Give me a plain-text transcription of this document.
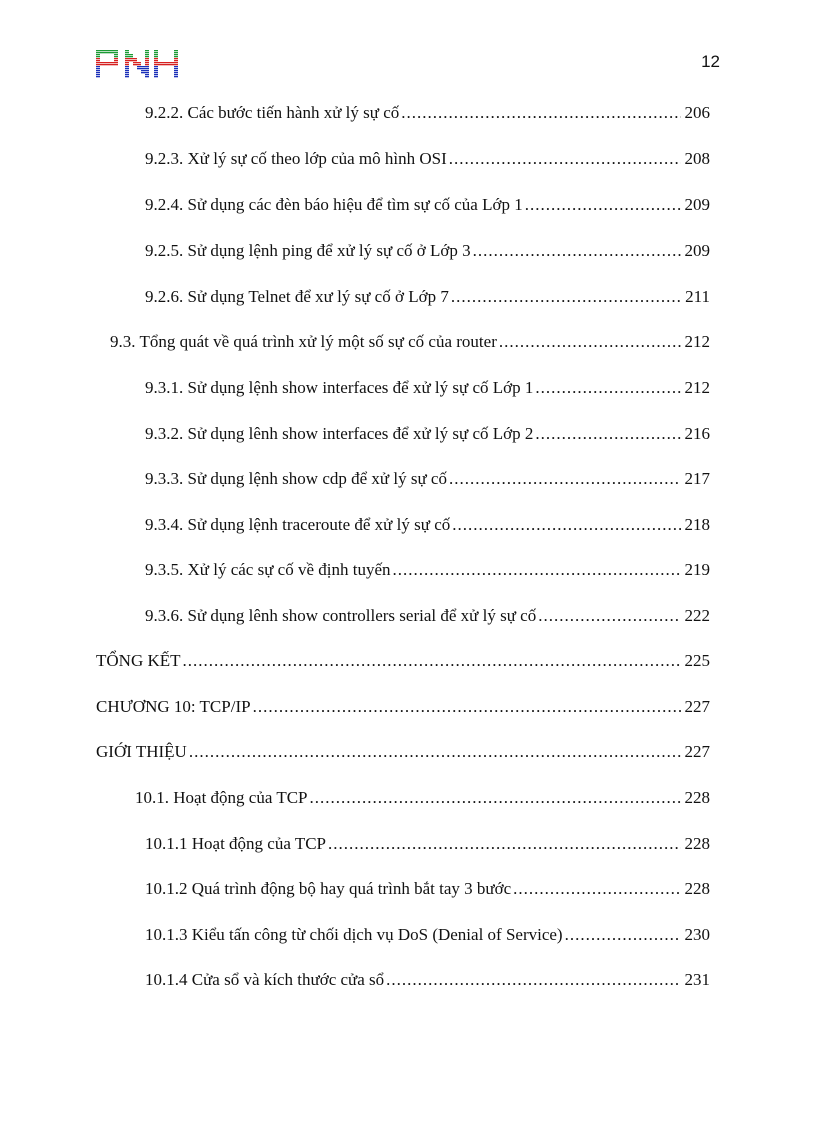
12
9.2.2. Các bước tiến hành xử lý sự cố .....	206
9.2.3. Xử lý sự cố theo lớp của mô hình OSI .....	208
9.2.4. Sử dụng các đèn báo hiệu để tìm sự cố của Lớp 1 .....	209
9.2.5. Sử dụng lệnh ping để xử lý sự cố ở Lớp 3 .....	209
9.2.6. Sử dụng Telnet để xư lý sự cố ở Lớp 7 .....	211
9.3. Tổng quát về quá trình xử lý một số sự cố của router .....	212
9.3.1. Sử dụng lệnh show interfaces để xử lý sự cố Lớp 1 .....	212
9.3.2. Sử dụng lênh show interfaces để xử lý sự cố Lớp 2 .....	216
9.3.3. Sử dụng lệnh show cdp để xử lý sự cố .....	217
9.3.4. Sử dụng lệnh traceroute để xử lý sự cố .....	218
9.3.5. Xử lý các sự cố về định tuyến .....	219
9.3.6. Sử dụng lênh show controllers serial để xử lý sự cố .....	222
TỔNG KẾT .....	225
CHƯƠNG 10: TCP/IP .....	227
GIỚI THIỆU .....	227
10.1. Hoạt động của TCP .....	228
10.1.1 Hoạt động của TCP .....	228
10.1.2 Quá trình động bộ hay quá trình bắt tay 3 bước .....	228
10.1.3 Kiểu tấn công từ chối dịch vụ DoS (Denial of Service) .....	230
10.1.4 Cửa sổ và kích thước cửa sổ .....	231
